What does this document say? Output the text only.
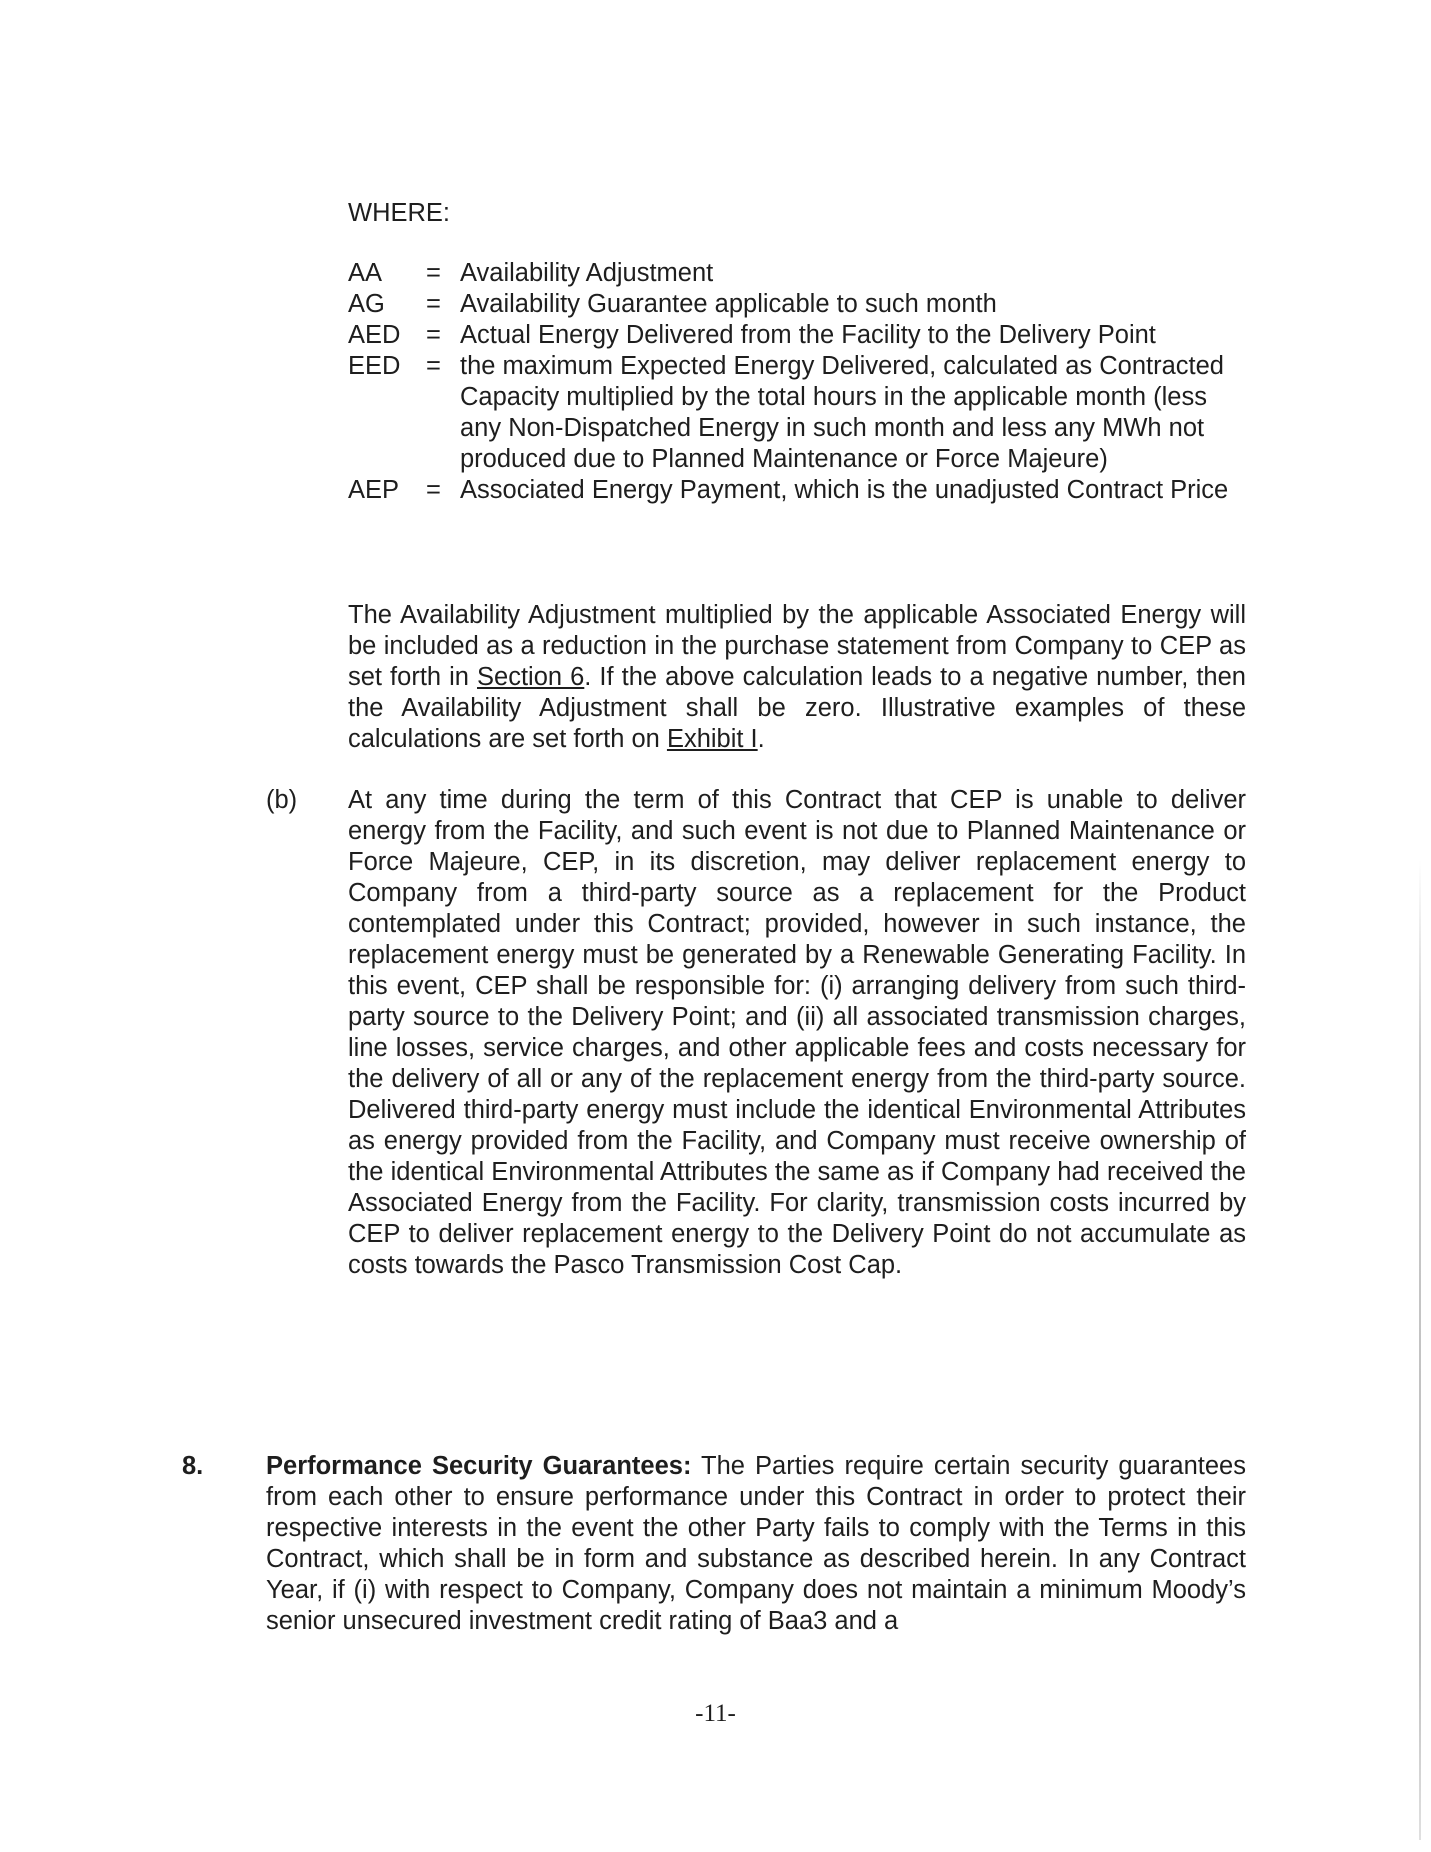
WHERE:
AA	= Availability Adjustment
AG	= Availability Guarantee applicable to such month
AED	= Actual Energy Delivered from the Facility to the Delivery Point
EED	= the maximum Expected Energy Delivered, calculated as Contracted Capacity multiplied by the total hours in the applicable month (less any Non-Dispatched Energy in such month and less any MWh not produced due to Planned Maintenance or Force Majeure)
AEP	= Associated Energy Payment, which is the unadjusted Contract Price
The Availability Adjustment multiplied by the applicable Associated Energy will be included as a reduction in the purchase statement from Company to CEP as set forth in Section 6. If the above calculation leads to a negative number, then the Availability Adjustment shall be zero. Illustrative examples of these calculations are set forth on Exhibit I.
(b) At any time during the term of this Contract that CEP is unable to deliver energy from the Facility, and such event is not due to Planned Maintenance or Force Majeure, CEP, in its discretion, may deliver replacement energy to Company from a third-party source as a replacement for the Product contemplated under this Contract; provided, however in such instance, the replacement energy must be generated by a Renewable Generating Facility. In this event, CEP shall be responsible for: (i) arranging delivery from such third-party source to the Delivery Point; and (ii) all associated transmission charges, line losses, service charges, and other applicable fees and costs necessary for the delivery of all or any of the replacement energy from the third-party source. Delivered third-party energy must include the identical Environmental Attributes as energy provided from the Facility, and Company must receive ownership of the identical Environmental Attributes the same as if Company had received the Associated Energy from the Facility. For clarity, transmission costs incurred by CEP to deliver replacement energy to the Delivery Point do not accumulate as costs towards the Pasco Transmission Cost Cap.
8. Performance Security Guarantees: The Parties require certain security guarantees from each other to ensure performance under this Contract in order to protect their respective interests in the event the other Party fails to comply with the Terms in this Contract, which shall be in form and substance as described herein. In any Contract Year, if (i) with respect to Company, Company does not maintain a minimum Moody’s senior unsecured investment credit rating of Baa3 and a
-11-
